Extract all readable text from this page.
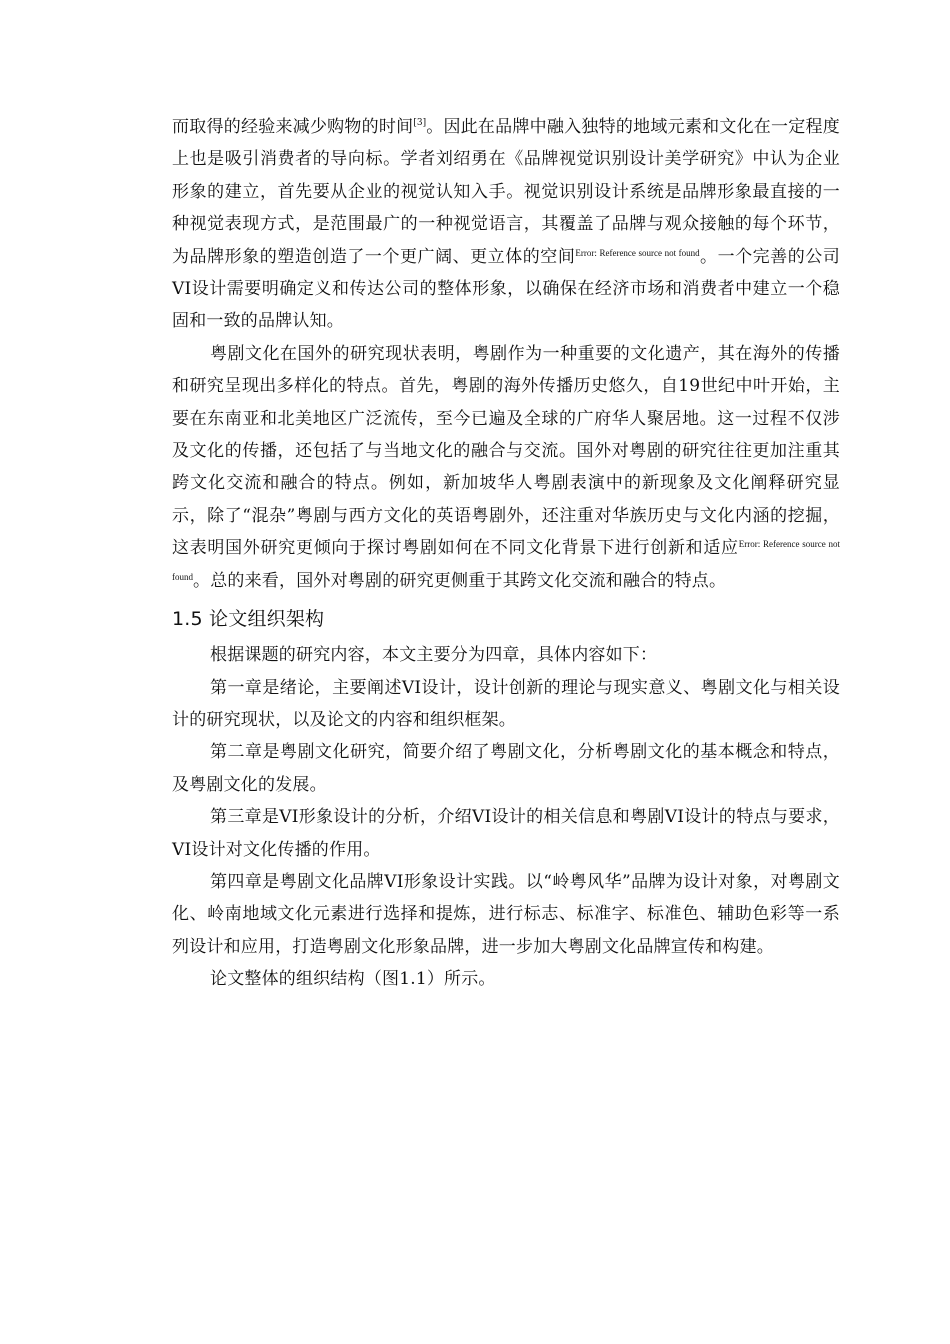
而取得的经验来减少购物的时间[3]。因此在品牌中融入独特的地域元素和文化在一定程度上也是吸引消费者的导向标。学者刘绍勇在《品牌视觉识别设计美学研究》中认为企业形象的建立，首先要从企业的视觉认知入手。视觉识别设计系统是品牌形象最直接的一种视觉表现方式，是范围最广的一种视觉语言，其覆盖了品牌与观众接触的每个环节，为品牌形象的塑造创造了一个更广阔、更立体的空间$^{Error: Reference source not found}$。一个完善的公司VI设计需要明确定义和传达公司的整体形象，以确保在经济市场和消费者中建立一个稳固和一致的品牌认知。

粤剧文化在国外的研究现状表明，粤剧作为一种重要的文化遗产，其在海外的传播和研究呈现出多样化的特点。首先，粤剧的海外传播历史悠久，自19世纪中叶开始，主要在东南亚和北美地区广泛流传，至今已遍及全球的广府华人聚居地。这一过程不仅涉及文化的传播，还包括了与当地文化的融合与交流。国外对粤剧的研究往往更加注重其跨文化交流和融合的特点。例如，新加坡华人粤剧表演中的新现象及文化阐释研究显示，除了“混杂”粤剧与西方文化的英语粤剧外，还注重对华族历史与文化内涵的挖掘，这表明国外研究更倾向于探讨粤剧如何在不同文化背景下进行创新和适应$^{Error: Reference source not found}$。总的来看，国外对粤剧的研究更侧重于其跨文化交流和融合的特点。

1.5 论文组织架构

根据课题的研究内容，本文主要分为四章，具体内容如下：

第一章是绪论，主要阐述VI设计，设计创新的理论与现实意义、粤剧文化与相关设计的研究现状，以及论文的内容和组织框架。

第二章是粤剧文化研究，简要介绍了粤剧文化，分析粤剧文化的基本概念和特点，及粤剧文化的发展。

第三章是VI形象设计的分析，介绍VI设计的相关信息和粤剧VI设计的特点与要求，VI设计对文化传播的作用。

第四章是粤剧文化品牌VI形象设计实践。以“岭粤风华”品牌为设计对象，对粤剧文化、岭南地域文化元素进行选择和提炼，进行标志、标准字、标准色、辅助色彩等一系列设计和应用，打造粤剧文化形象品牌，进一步加大粤剧文化品牌宣传和构建。

论文整体的组织结构（图1.1）所示。
